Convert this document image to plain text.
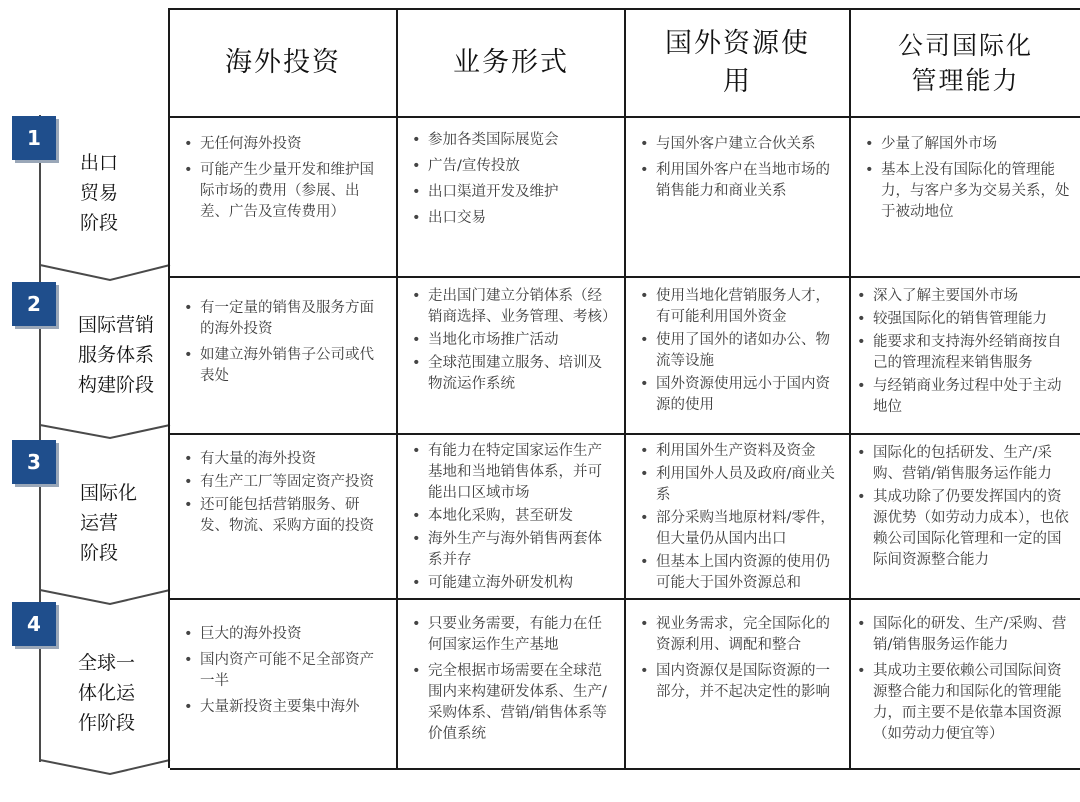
1
出口
贸易
阶段
2
国际营销
服务体系
构建阶段
3
国际化
运营
阶段
4
全球一
体化运
作阶段
海外投资	业务形式
国外资源使用
公司国际化管理能力
• 无任何海外投资
• 可能产生少量开发和维护国际市场的费用（参展、出差、广告及宣传费用）
• 参加各类国际展览会
• 广告/宣传投放
• 出口渠道开发及维护
• 出口交易
• 与国外客户建立合伙关系
• 利用国外客户在当地市场的销售能力和商业关系
• 少量了解国外市场
• 基本上没有国际化的管理能力，与客户多为交易关系，处于被动地位
• 有一定量的销售及服务方面的海外投资
• 如建立海外销售子公司或代表处
• 走出国门建立分销体系（经销商选择、业务管理、考核）
• 当地化市场推广活动
• 全球范围建立服务、培训及物流运作系统
• 使用当地化营销服务人才，有可能利用国外资金
• 使用了国外的诸如办公、物流等设施
• 国外资源使用远小于国内资源的使用
• 深入了解主要国外市场
• 较强国际化的销售管理能力
• 能要求和支持海外经销商按自己的管理流程来销售服务
• 与经销商业务过程中处于主动地位
• 有大量的海外投资
• 有生产工厂等固定资产投资
• 还可能包括营销服务、研发、物流、采购方面的投资
• 有能力在特定国家运作生产基地和当地销售体系，并可能出口区域市场
• 本地化采购，甚至研发
• 海外生产与海外销售两套体系并存
• 可能建立海外研发机构
• 利用国外生产资料及资金
• 利用国外人员及政府/商业关系
• 部分采购当地原材料/零件，但大量仍从国内出口
• 但基本上国内资源的使用仍可能大于国外资源总和
• 国际化的包括研发、生产/采购、营销/销售服务运作能力
• 其成功除了仍要发挥国内的资源优势（如劳动力成本），也依赖公司国际化管理和一定的国际间资源整合能力
• 巨大的海外投资
• 国内资产可能不足全部资产一半
• 大量新投资主要集中海外
• 只要业务需要，有能力在任何国家运作生产基地
• 完全根据市场需要在全球范围内来构建研发体系、生产/采购体系、营销/销售体系等价值系统
• 视业务需求，完全国际化的资源利用、调配和整合
• 国内资源仅是国际资源的一部分，并不起决定性的影响
• 国际化的研发、生产/采购、营销/销售服务运作能力
• 其成功主要依赖公司国际间资源整合能力和国际化的管理能力，而主要不是依靠本国资源（如劳动力便宜等）
